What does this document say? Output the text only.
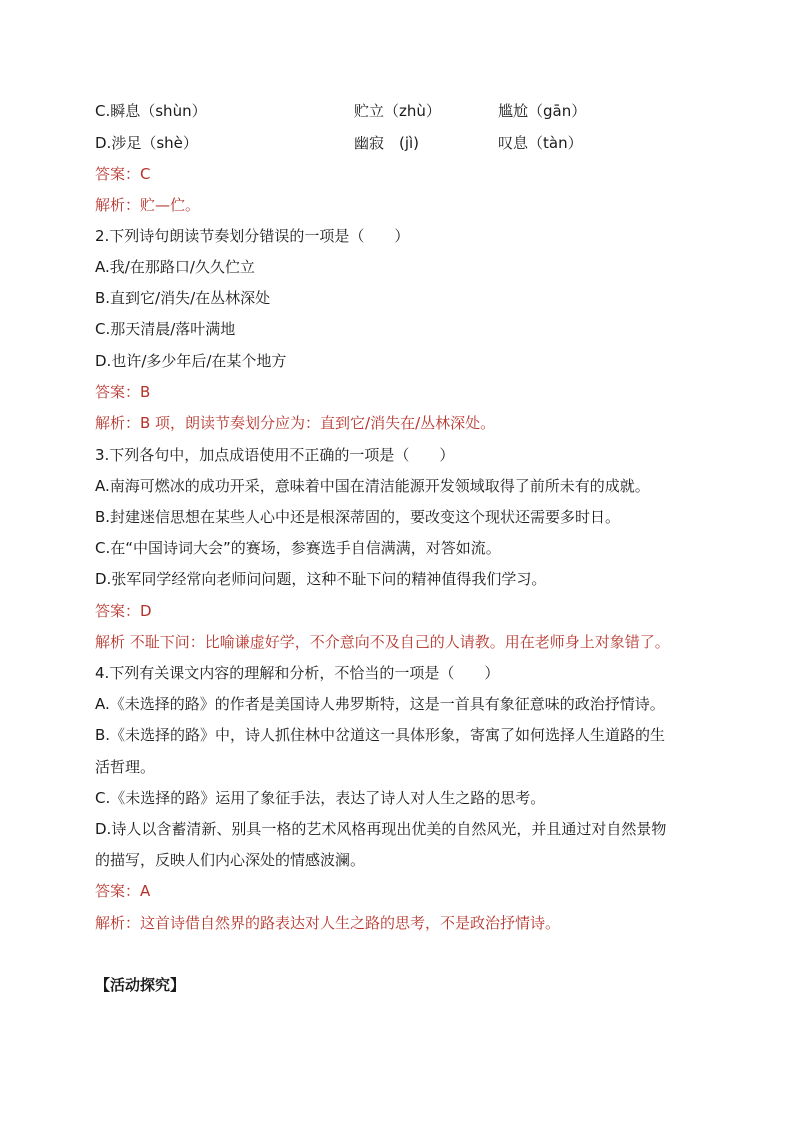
C.瞬息（shùn）	贮立（zhù）	尴尬（gān）
D.涉足（shè）	幽寂　(jì)	叹息（tàn）
答案：C
解析：贮—伫。
2.下列诗句朗读节奏划分错误的一项是（　　）
A.我/在那路口/久久伫立
B.直到它/消失/在丛林深处
C.那天清晨/落叶满地
D.也许/多少年后/在某个地方
答案：B
解析：B 项，朗读节奏划分应为：直到它/消失在/丛林深处。
3.下列各句中，加点成语使用不正确的一项是（　　）
A.南海可燃冰的成功开采，意味着中国在清洁能源开发领域取得了前所未有的成就。
B.封建迷信思想在某些人心中还是根深蒂固的，要改变这个现状还需要多时日。
C.在“中国诗词大会”的赛场，参赛选手自信满满，对答如流。
D.张军同学经常向老师问问题，这种不耻下问的精神值得我们学习。
答案：D
解析 不耻下问：比喻谦虚好学，不介意向不及自己的人请教。用在老师身上对象错了。
4.下列有关课文内容的理解和分析，不恰当的一项是（　　）
A.《未选择的路》的作者是美国诗人弗罗斯特，这是一首具有象征意味的政治抒情诗。
B.《未选择的路》中，诗人抓住林中岔道这一具体形象，寄寓了如何选择人生道路的生
活哲理。
C.《未选择的路》运用了象征手法，表达了诗人对人生之路的思考。
D.诗人以含蓄清新、别具一格的艺术风格再现出优美的自然风光，并且通过对自然景物
的描写，反映人们内心深处的情感波澜。
答案：A
解析：这首诗借自然界的路表达对人生之路的思考，不是政治抒情诗。
【活动探究】
